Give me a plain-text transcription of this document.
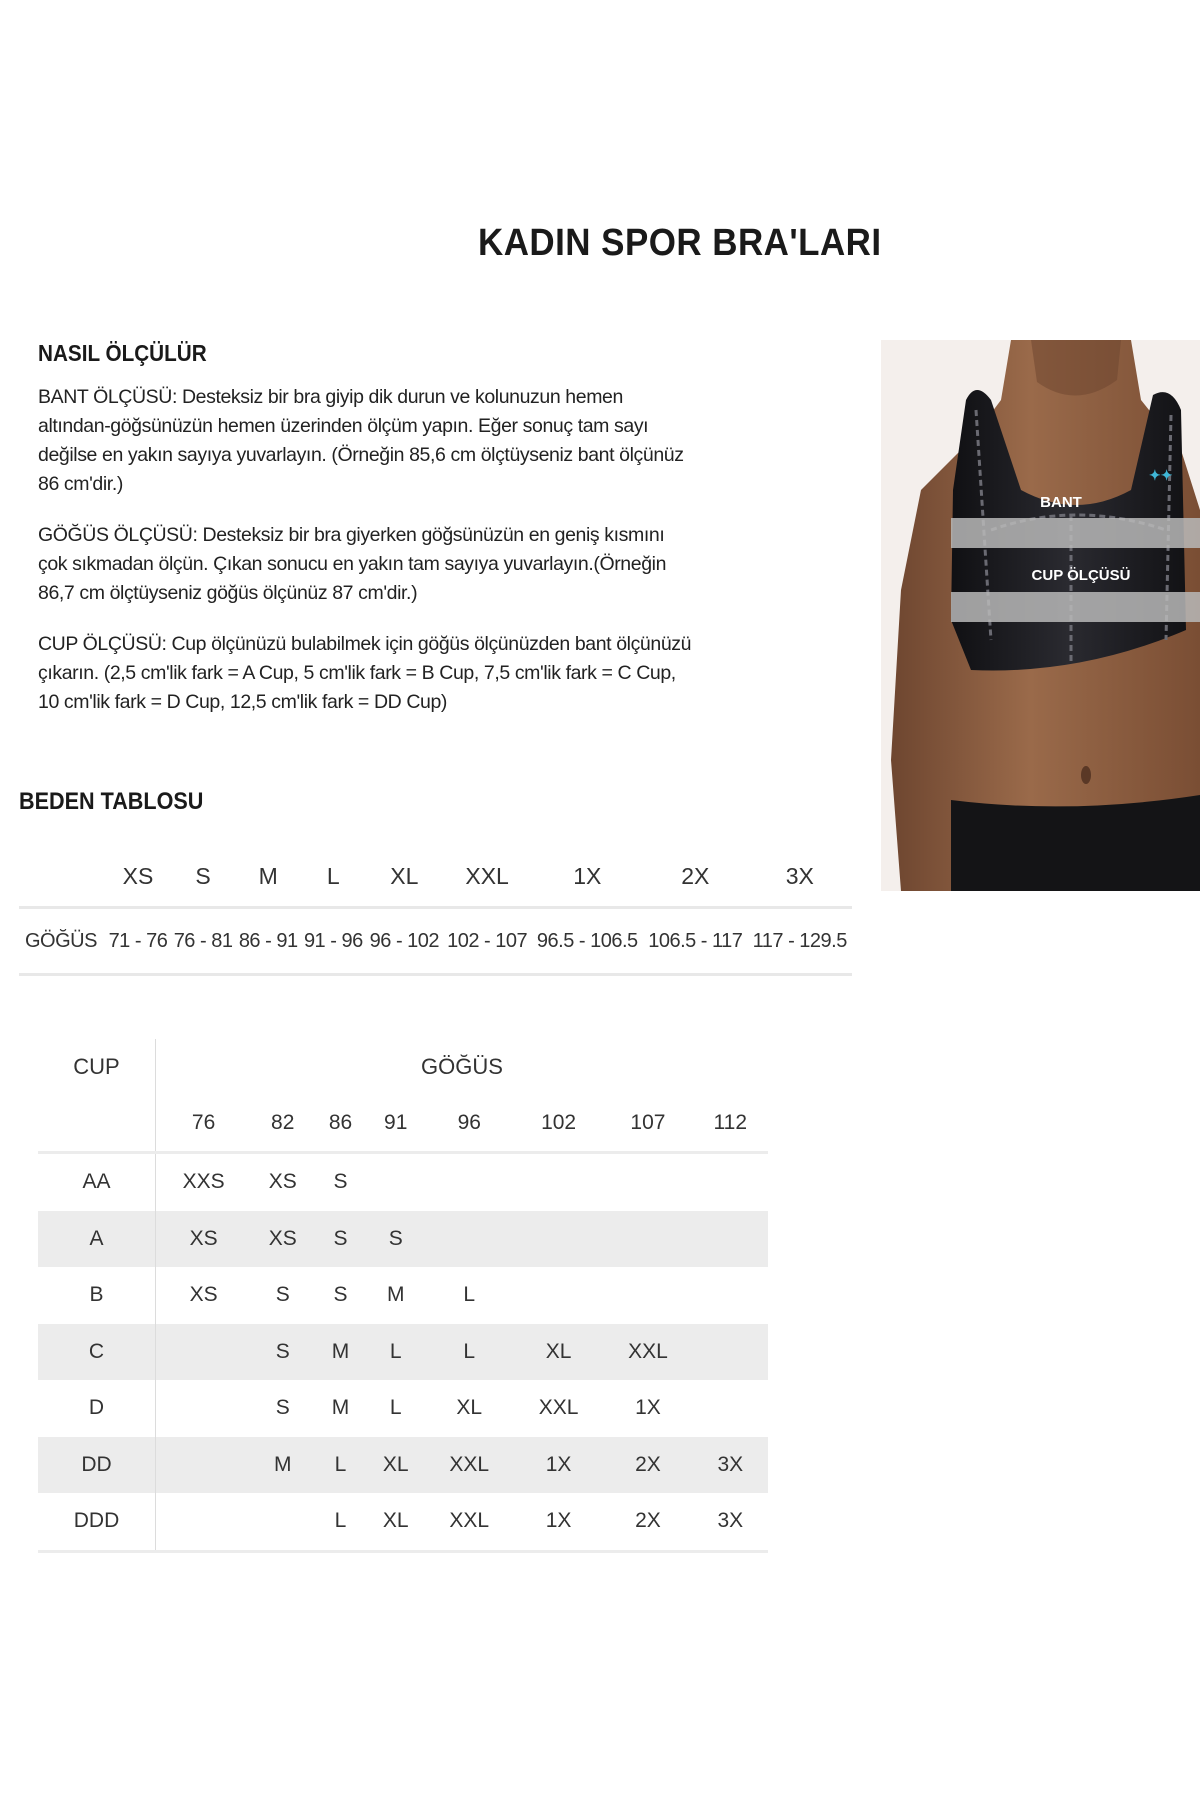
KADIN SPOR BRA'LARI
NASIL ÖLÇÜLÜR

BANT ÖLÇÜSÜ: Desteksiz bir bra giyip dik durun ve kolunuzun hemen altından-göğsünüzün hemen üzerinden ölçüm yapın. Eğer sonuç tam sayı değilse en yakın sayıya yuvarlayın. (Örneğin 85,6 cm ölçtüyseniz bant ölçünüz 86 cm'dir.)

GÖĞÜS ÖLÇÜSÜ: Desteksiz bir bra giyerken göğsünüzün en geniş kısmını çok sıkmadan ölçün. Çıkan sonucu en yakın tam sayıya yuvarlayın.(Örneğin 86,7 cm ölçtüyseniz göğüs ölçünüz 87 cm'dir.)

CUP ÖLÇÜSÜ: Cup ölçünüzü bulabilmek için göğüs ölçünüzden bant ölçünüzü çıkarın. (2,5 cm'lik fark = A Cup, 5 cm'lik fark = B Cup, 7,5 cm'lik fark = C Cup, 10 cm'lik fark = D Cup, 12,5 cm'lik fark = DD Cup)

BANT
CUP ÖLÇÜSÜ
✦✦
BEDEN TABLOSU
	XS	S	M	L	XL	XXL	1X	2X	3X
GÖĞÜS	71 - 76	76 - 81	86 - 91	91 - 96	96 - 102	102 - 107	96.5 - 106.5	106.5 - 117	117 - 129.5
CUP	GÖĞÜS							
	76	82	86	91	96	102	107	112
AA	XXS	XS	S					
A	XS	XS	S	S				
B	XS	S	S	M	L			
C		S	M	L	L	XL	XXL	
D		S	M	L	XL	XXL	1X	
DD		M	L	XL	XXL	1X	2X	3X
DDD			L	XL	XXL	1X	2X	3X
